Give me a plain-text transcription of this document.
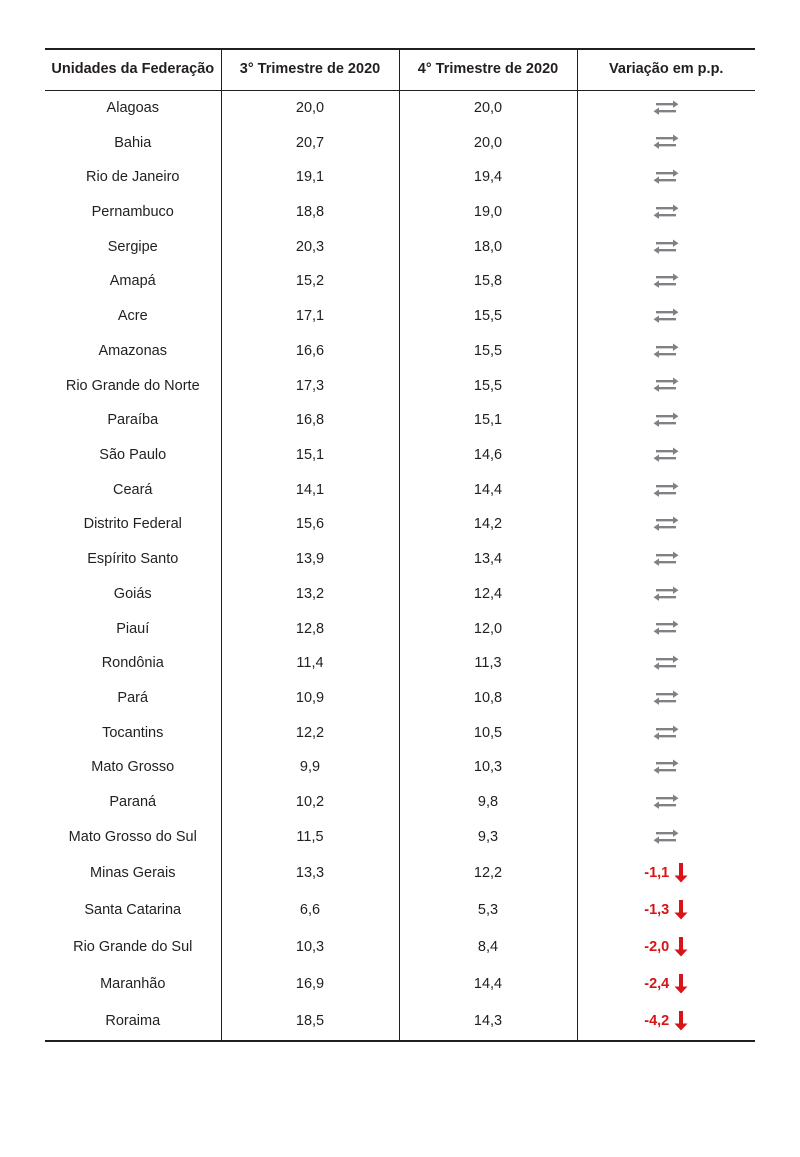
Unidades da Federação	3° Trimestre de 2020	4° Trimestre de 2020	Variação em p.p.
Alagoas	20,0	20,0	
Bahia	20,7	20,0	
Rio de Janeiro	19,1	19,4	
Pernambuco	18,8	19,0	
Sergipe	20,3	18,0	
Amapá	15,2	15,8	
Acre	17,1	15,5	
Amazonas	16,6	15,5	
Rio Grande do Norte	17,3	15,5	
Paraíba	16,8	15,1	
São Paulo	15,1	14,6	
Ceará	14,1	14,4	
Distrito Federal	15,6	14,2	
Espírito Santo	13,9	13,4	
Goiás	13,2	12,4	
Piauí	12,8	12,0	
Rondônia	11,4	11,3	
Pará	10,9	10,8	
Tocantins	12,2	10,5	
Mato Grosso	9,9	10,3	
Paraná	10,2	9,8	
Mato Grosso do Sul	11,5	9,3	
Minas Gerais	13,3	12,2	-1,1
Santa Catarina	6,6	5,3	-1,3
Rio Grande do Sul	10,3	8,4	-2,0
Maranhão	16,9	14,4	-2,4
Roraima	18,5	14,3	-4,2
